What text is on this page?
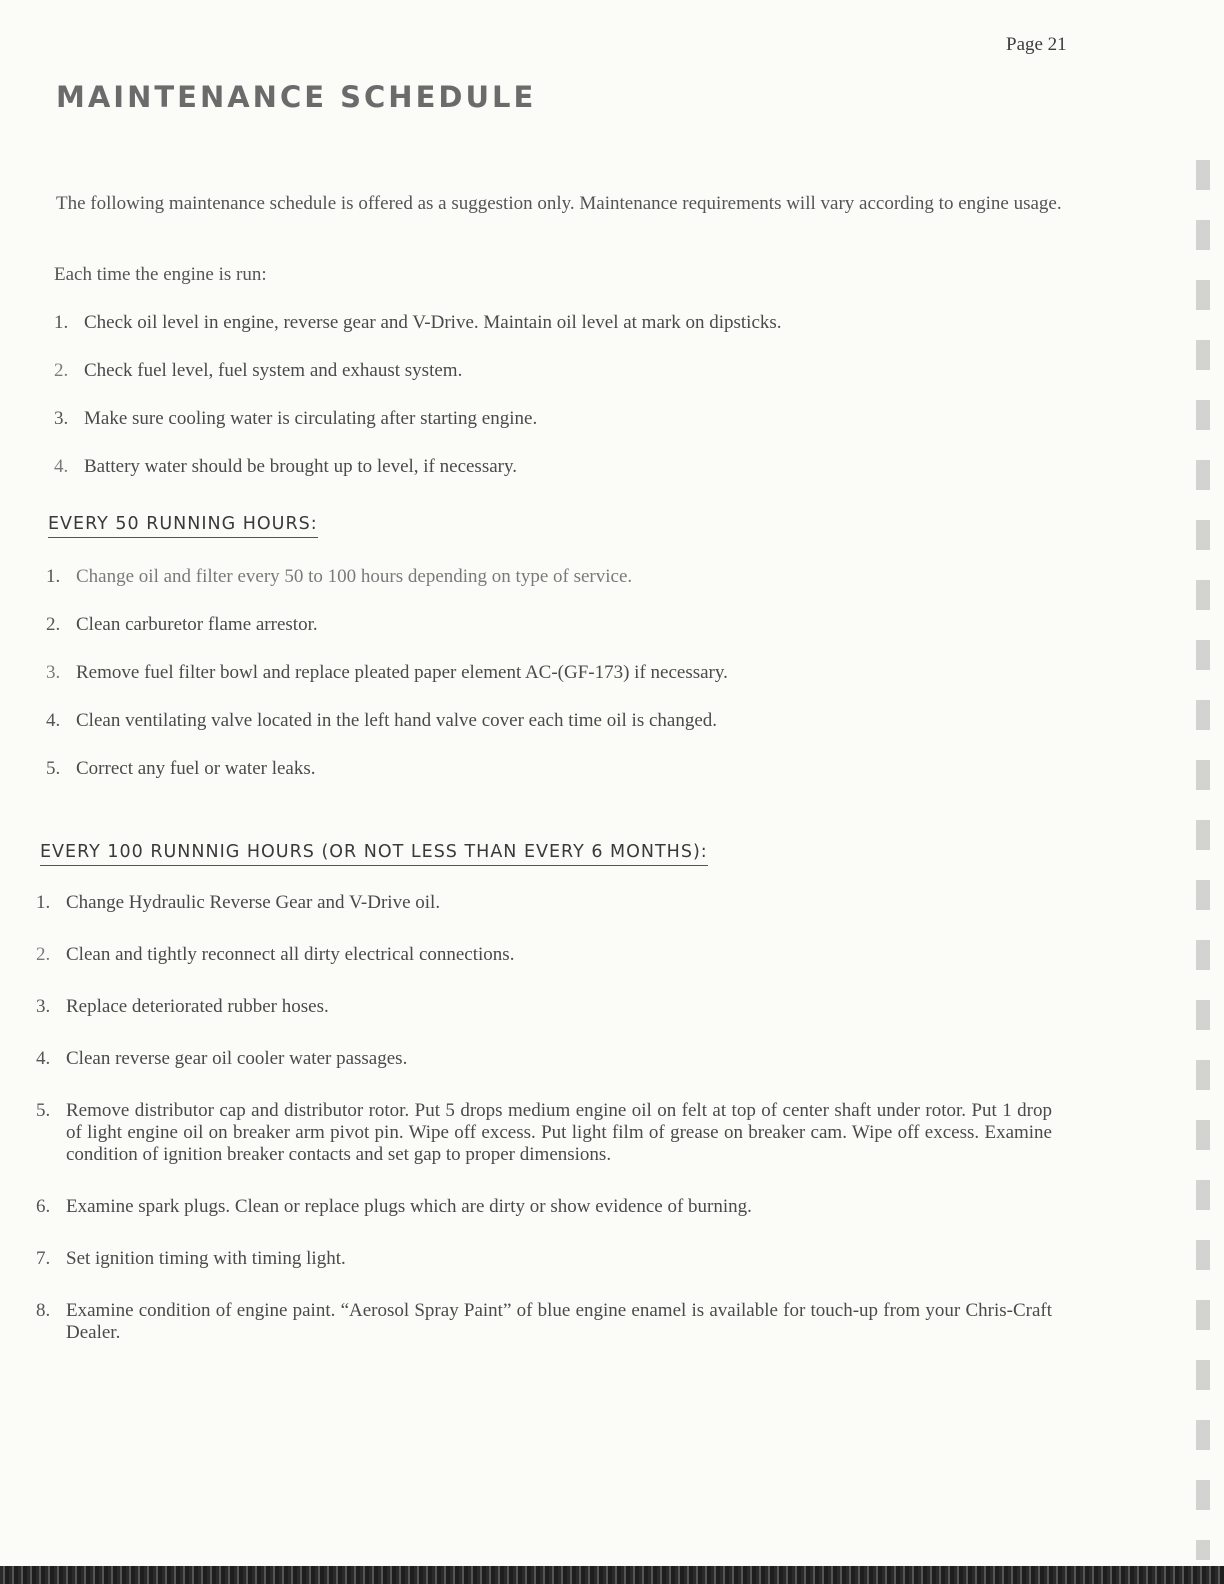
Page 21
MAINTENANCE SCHEDULE

The following maintenance schedule is offered as a suggestion only. Maintenance requirements will vary according to engine usage.

Each time the engine is run:

1. Check oil level in engine, reverse gear and V-Drive. Maintain oil level at mark on dipsticks.
2. Check fuel level, fuel system and exhaust system.
3. Make sure cooling water is circulating after starting engine.
4. Battery water should be brought up to level, if necessary.
EVERY 50 RUNNING HOURS:
1. Change oil and filter every 50 to 100 hours depending on type of service.
2. Clean carburetor flame arrestor.
3. Remove fuel filter bowl and replace pleated paper element AC-(GF-173) if necessary.
4. Clean ventilating valve located in the left hand valve cover each time oil is changed.
5. Correct any fuel or water leaks.
EVERY 100 RUNNNIG HOURS (OR NOT LESS THAN EVERY 6 MONTHS):
1. Change Hydraulic Reverse Gear and V-Drive oil.
2. Clean and tightly reconnect all dirty electrical connections.
3. Replace deteriorated rubber hoses.
4. Clean reverse gear oil cooler water passages.
5. Remove distributor cap and distributor rotor. Put 5 drops medium engine oil on felt at top of center shaft under rotor. Put 1 drop of light engine oil on breaker arm pivot pin. Wipe off excess. Put light film of grease on breaker cam. Wipe off excess. Examine condition of ignition breaker contacts and set gap to proper dimensions.
6. Examine spark plugs. Clean or replace plugs which are dirty or show evidence of burning.
7. Set ignition timing with timing light.
8. Examine condition of engine paint. “Aerosol Spray Paint” of blue engine enamel is available for touch-up from your Chris-Craft Dealer.
